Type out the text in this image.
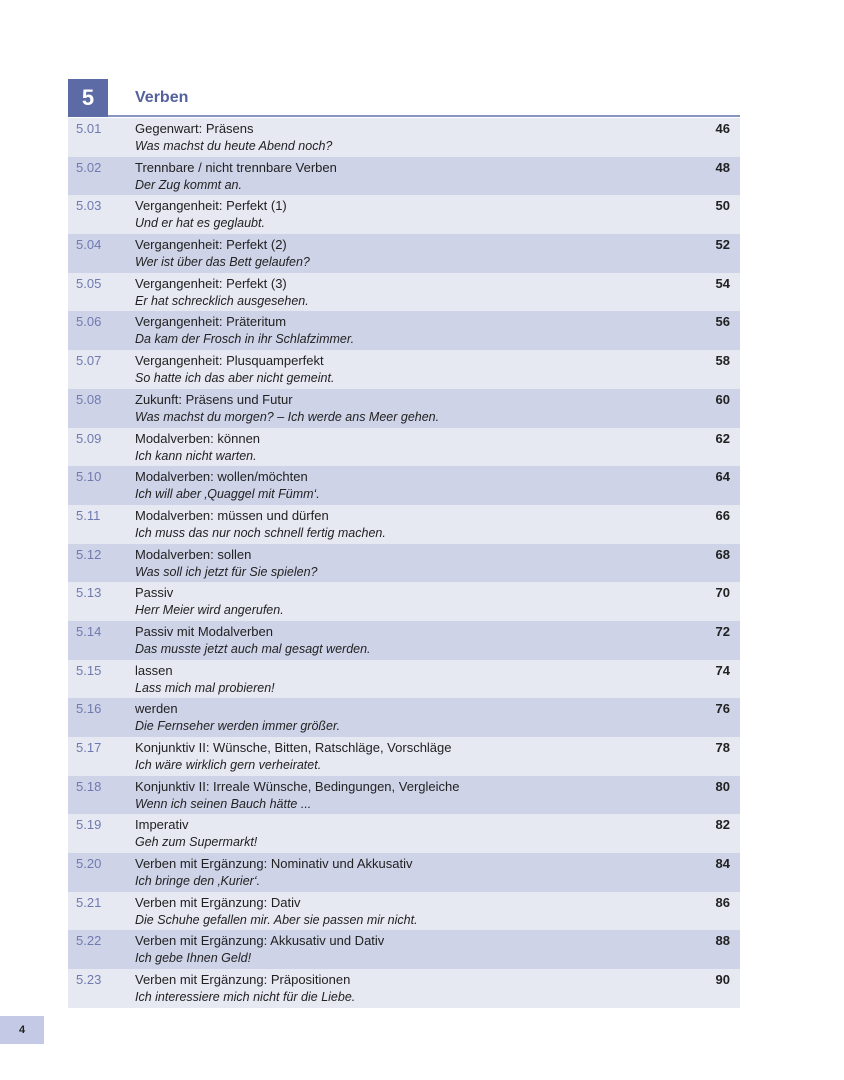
5	Verben
5.01	Gegenwart: Präsens
Was machst du heute Abend noch?
46
5.02	Trennbare / nicht trennbare Verben
Der Zug kommt an.
48
5.03	Vergangenheit: Perfekt (1)
Und er hat es geglaubt.
50
5.04	Vergangenheit: Perfekt (2)
Wer ist über das Bett gelaufen?
52
5.05	Vergangenheit: Perfekt (3)
Er hat schrecklich ausgesehen.
54
5.06	Vergangenheit: Präteritum
Da kam der Frosch in ihr Schlafzimmer.
56
5.07	Vergangenheit: Plusquamperfekt
So hatte ich das aber nicht gemeint.
58
5.08	Zukunft: Präsens und Futur
Was machst du morgen? – Ich werde ans Meer gehen.
60
5.09	Modalverben: können
Ich kann nicht warten.
62
5.10	Modalverben: wollen/möchten
Ich will aber ‚Quaggel mit Fümm‘.
64
5.11	Modalverben: müssen und dürfen
Ich muss das nur noch schnell fertig machen.
66
5.12	Modalverben: sollen
Was soll ich jetzt für Sie spielen?
68
5.13	Passiv
Herr Meier wird angerufen.
70
5.14	Passiv mit Modalverben
Das musste jetzt auch mal gesagt werden.
72
5.15	lassen
Lass mich mal probieren!
74
5.16	werden
Die Fernseher werden immer größer.
76
5.17	Konjunktiv II: Wünsche, Bitten, Ratschläge, Vorschläge
Ich wäre wirklich gern verheiratet.
78
5.18	Konjunktiv II: Irreale Wünsche, Bedingungen, Vergleiche
Wenn ich seinen Bauch hätte ...
80
5.19	Imperativ
Geh zum Supermarkt!
82
5.20	Verben mit Ergänzung: Nominativ und Akkusativ
Ich bringe den ‚Kurier‘.
84
5.21	Verben mit Ergänzung: Dativ
Die Schuhe gefallen mir. Aber sie passen mir nicht.
86
5.22	Verben mit Ergänzung: Akkusativ und Dativ
Ich gebe Ihnen Geld!
88
5.23	Verben mit Ergänzung: Präpositionen
Ich interessiere mich nicht für die Liebe.
90
4
